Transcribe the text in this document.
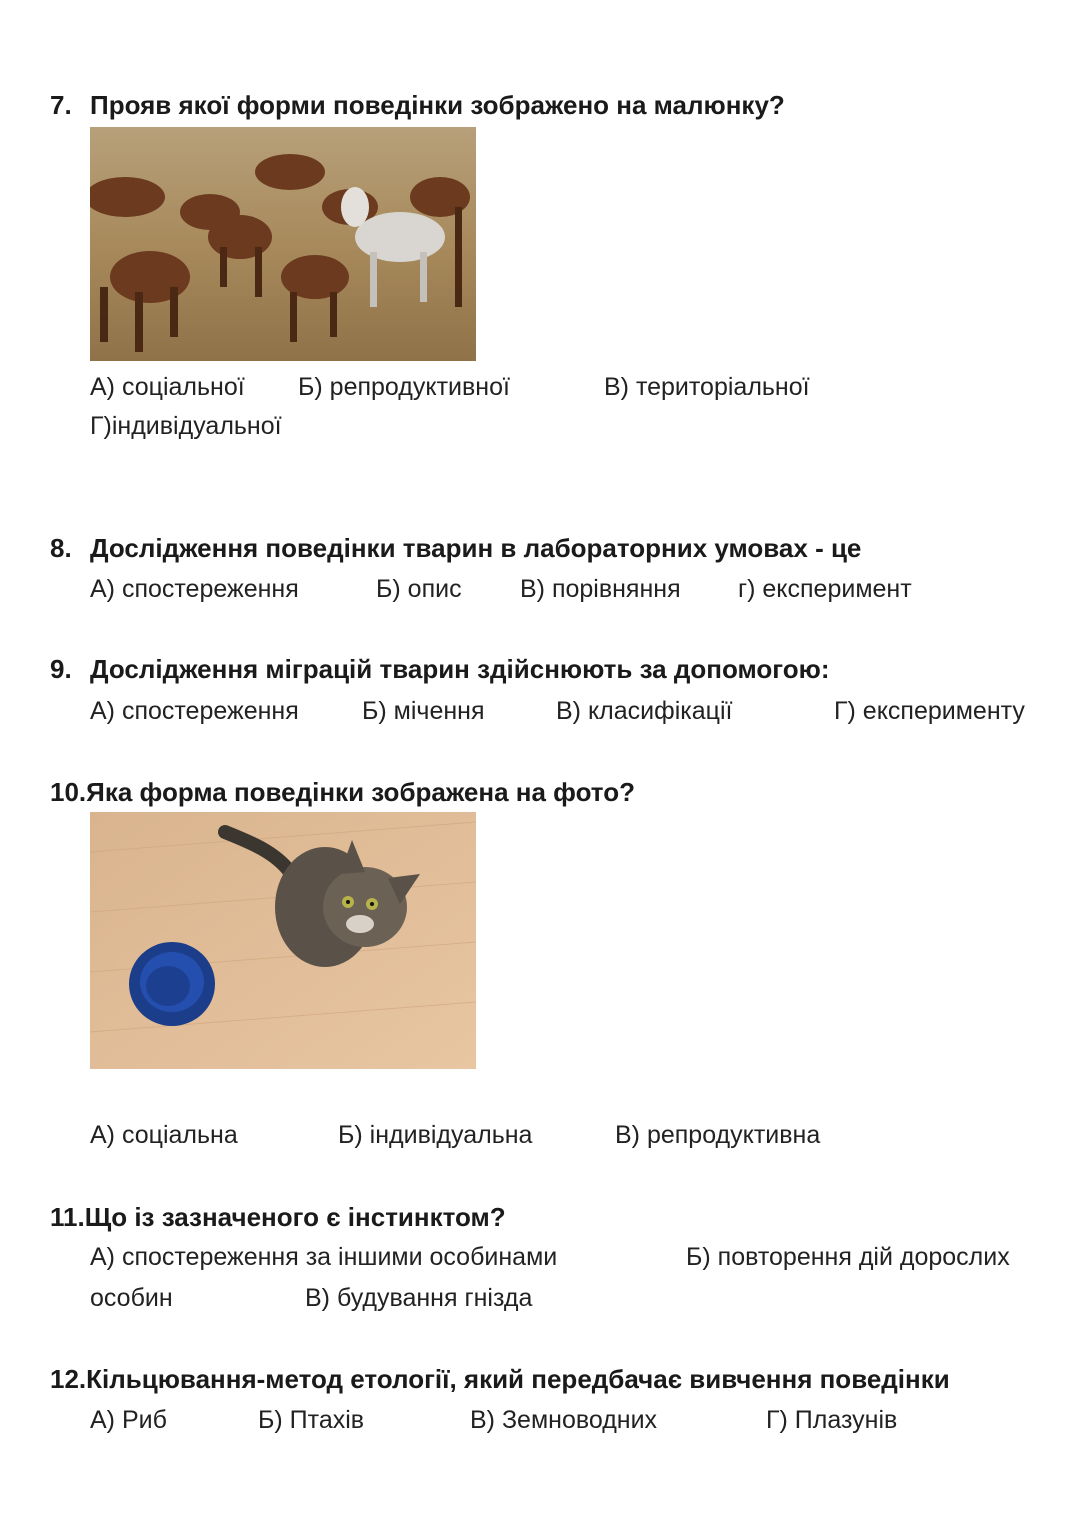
7. Прояв якої форми поведінки зображено на малюнку?
А) соціальної Б) репродуктивної	В) територіальної
Г)індивідуальної
8. Дослідження поведінки тварин в лабораторних умовах - це
А) спостереження	Б) опис В) порівняння г) експеримент
9. Дослідження міграцій тварин здійснюють за допомогою:
А) спостереження	Б) мічення	В) класифікації	Г) експерименту
10.Яка форма поведінки зображена на фото?
А) соціальна	Б) індивідуальна	В) репродуктивна
11.Що із зазначеного є інстинктом?
А) спостереження за іншими особинами	Б) повторення дій дорослих
особин	В) будування гнізда
12.Кільцювання-метод етології, який передбачає вивчення поведінки
А) Риб	Б) Птахів	В) Земноводних	Г) Плазунів
